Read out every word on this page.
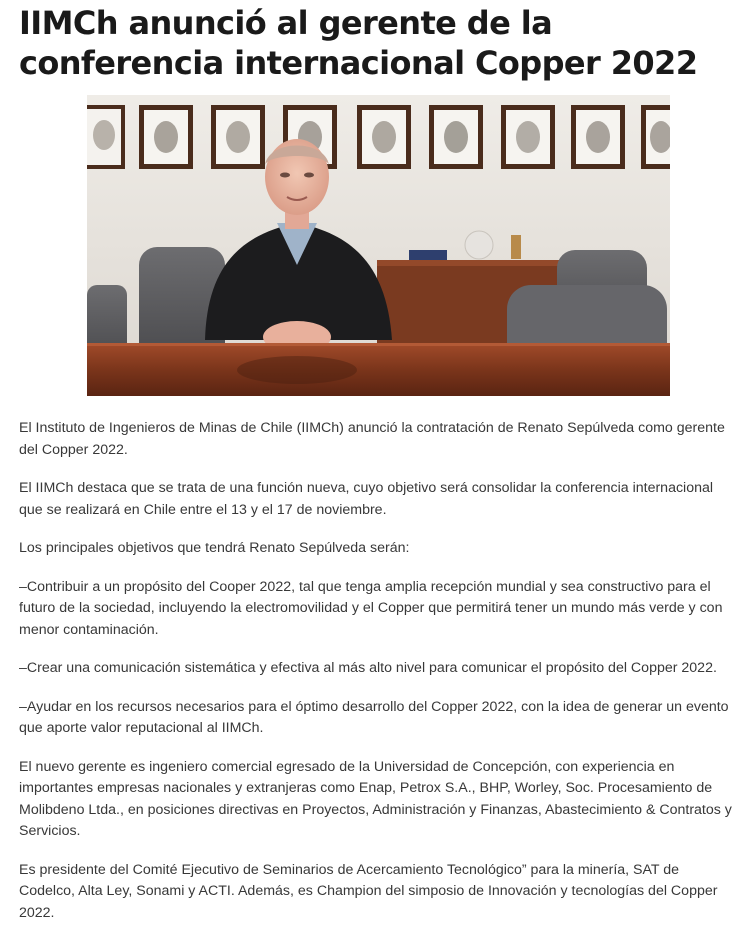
IIMCh anunció al gerente de la conferencia internacional Copper 2022

El Instituto de Ingenieros de Minas de Chile (IIMCh) anunció la contratación de Renato Sepúlveda como gerente del Copper 2022.

El IIMCh destaca que se trata de una función nueva, cuyo objetivo será consolidar la conferencia internacional que se realizará en Chile entre el 13 y el 17 de noviembre.

Los principales objetivos que tendrá Renato Sepúlveda serán:

–Contribuir a un propósito del Cooper 2022, tal que tenga amplia recepción mundial y sea constructivo para el futuro de la sociedad, incluyendo la electromovilidad y el Copper que permitirá tener un mundo más verde y con menor contaminación.

–Crear una comunicación sistemática y efectiva al más alto nivel para comunicar el propósito del Copper 2022.

–Ayudar en los recursos necesarios para el óptimo desarrollo del Copper 2022, con la idea de generar un evento que aporte valor reputacional al IIMCh.

El nuevo gerente es ingeniero comercial egresado de la Universidad de Concepción, con experiencia en importantes empresas nacionales y extranjeras como Enap, Petrox S.A., BHP, Worley, Soc. Procesamiento de Molibdeno Ltda., en posiciones directivas en Proyectos, Administración y Finanzas, Abastecimiento & Contratos y Servicios.

Es presidente del Comité Ejecutivo de Seminarios de Acercamiento Tecnológico” para la minería, SAT de Codelco, Alta Ley, Sonami y ACTI. Además, es Champion del simposio de Innovación y tecnologías del Copper 2022.
